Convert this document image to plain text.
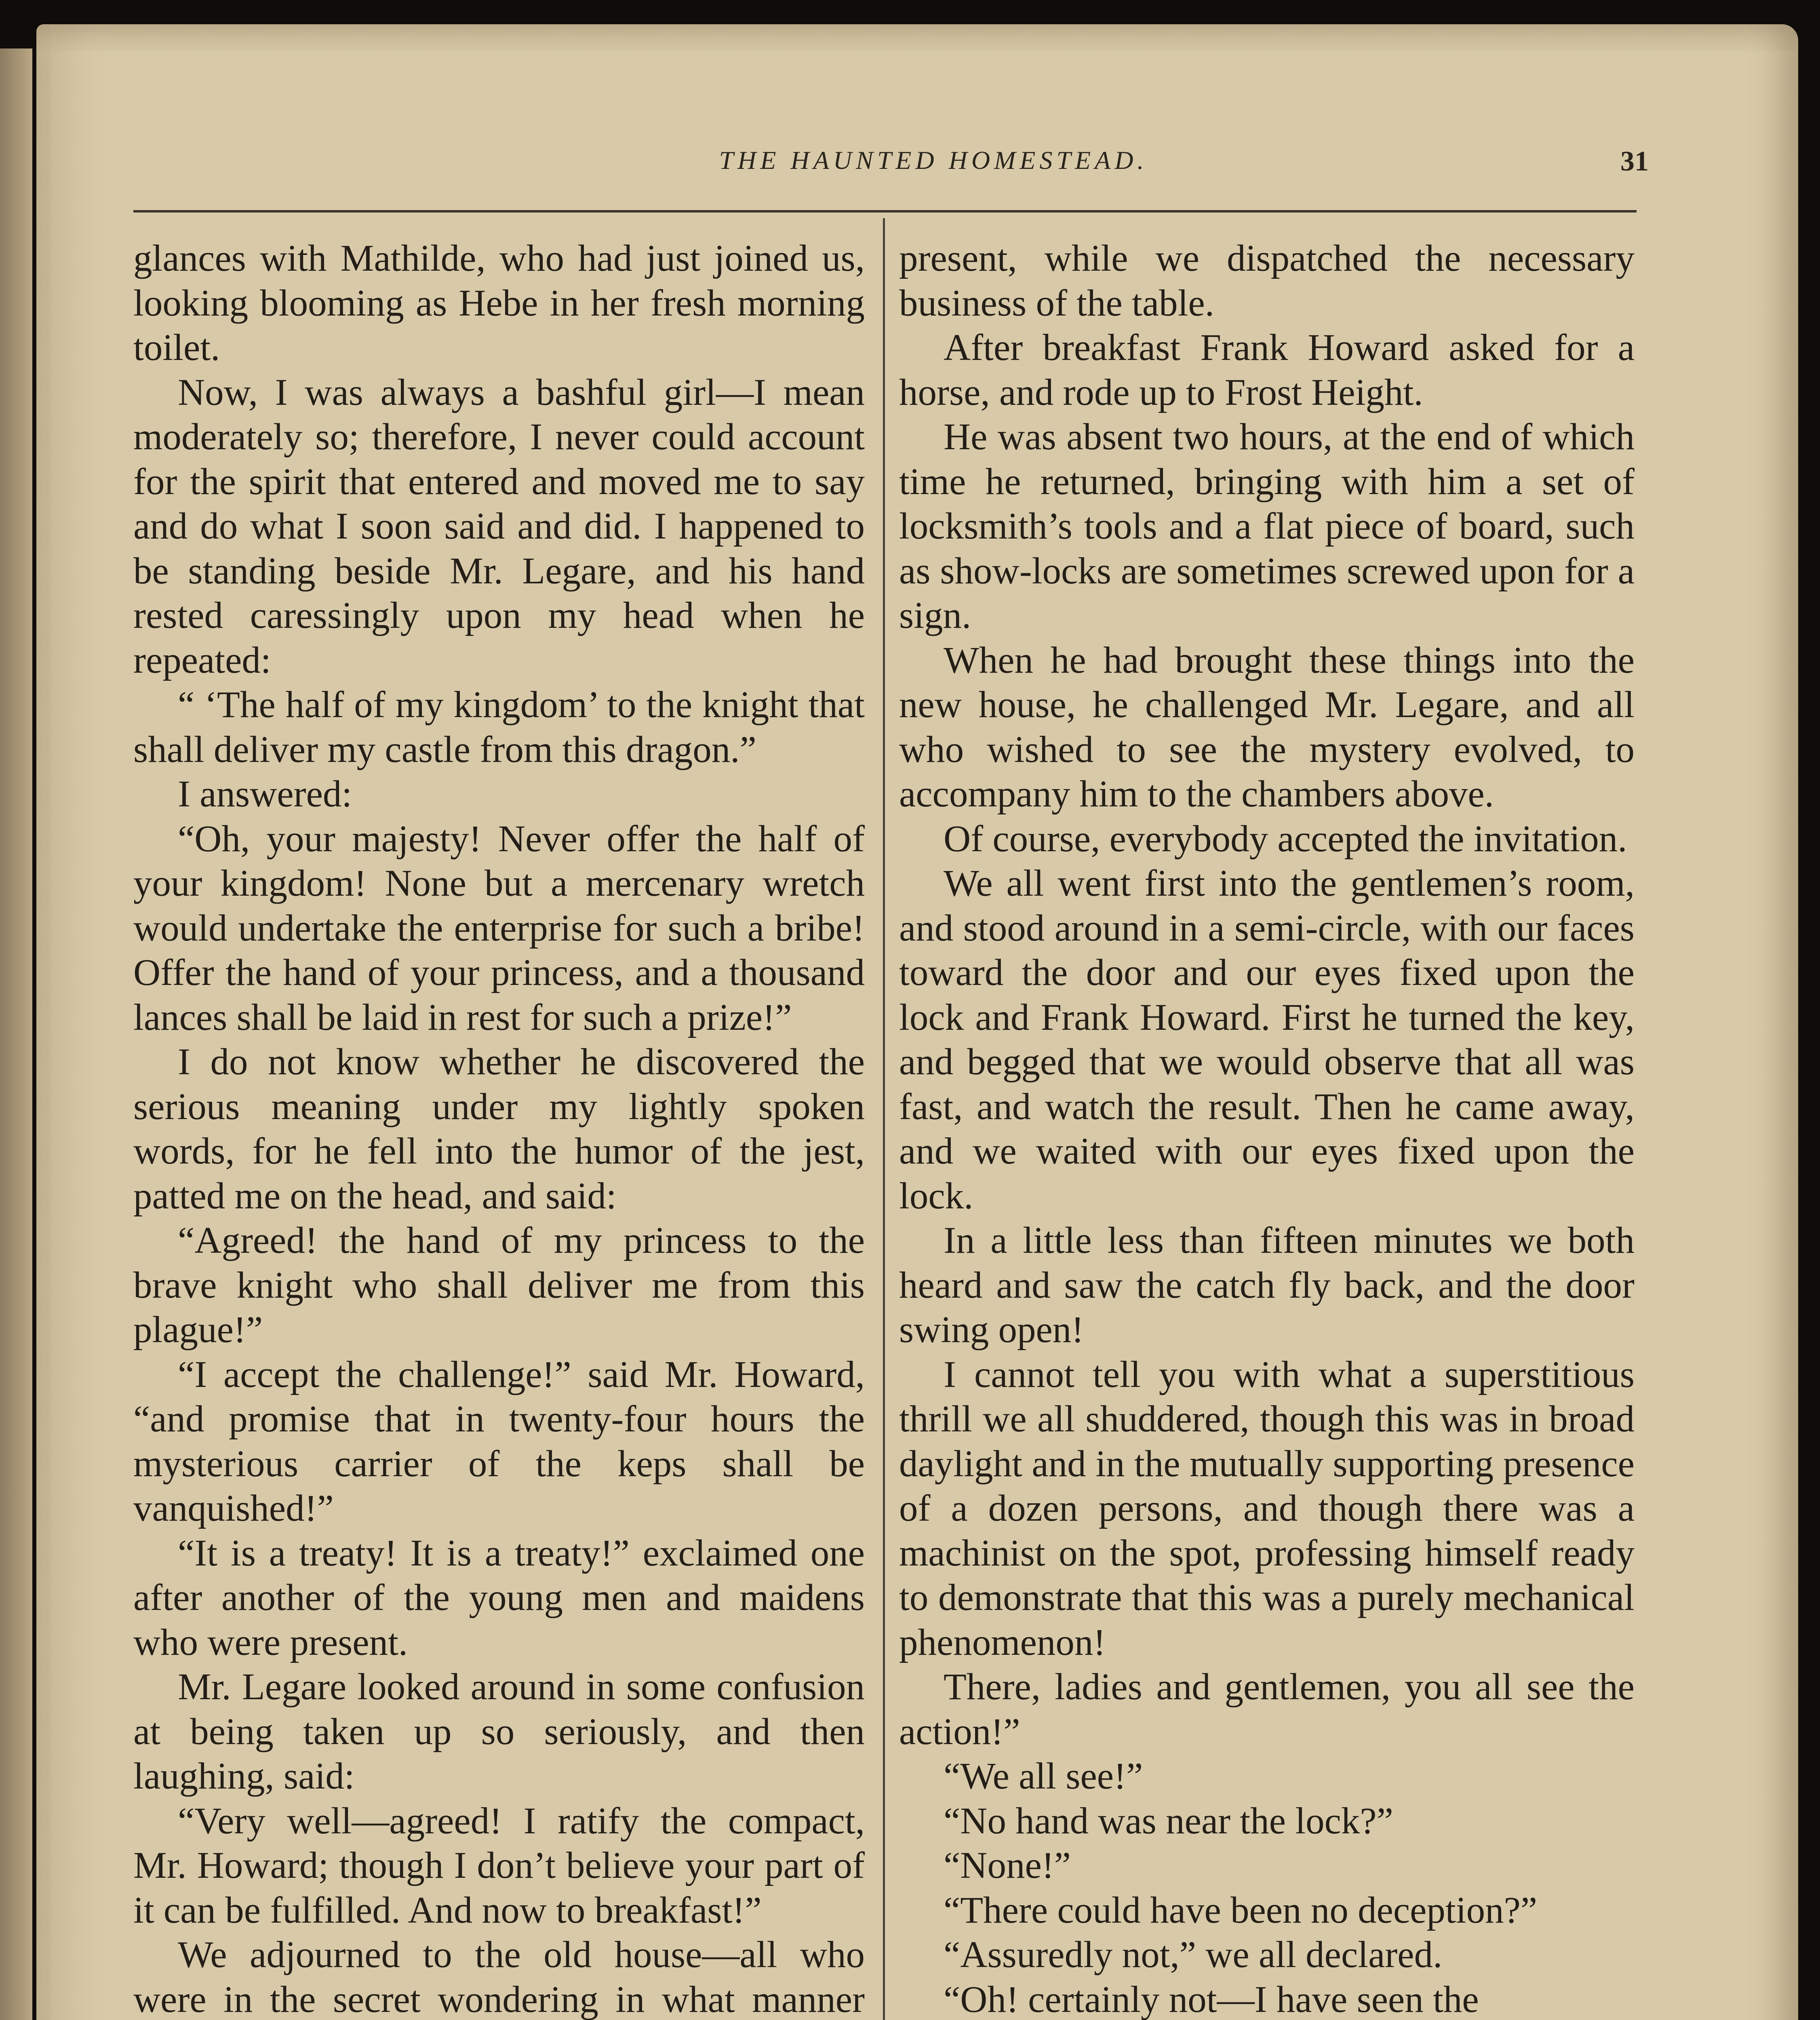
THE HAUNTED HOMESTEAD.	31

glances with Mathilde, who had just joined us, looking blooming as Hebe in her fresh morning toilet.

Now, I was always a bashful girl—I mean moderately so; therefore, I never could account for the spirit that entered and moved me to say and do what I soon said and did. I happened to be standing beside Mr. Legare, and his hand rested caressingly upon my head when he repeated:

“ ‘The half of my kingdom’ to the knight that shall deliver my castle from this dragon.”

I answered:

“Oh, your majesty! Never offer the half of your kingdom! None but a mercenary wretch would undertake the enterprise for such a bribe! Offer the hand of your princess, and a thousand lances shall be laid in rest for such a prize!”

I do not know whether he discovered the serious meaning under my lightly spoken words, for he fell into the humor of the jest, patted me on the head, and said:

“Agreed! the hand of my princess to the brave knight who shall deliver me from this plague!”

“I accept the challenge!” said Mr. Howard, “and promise that in twenty-four hours the mysterious carrier of the keps shall be vanquished!”

“It is a treaty! It is a treaty!” exclaimed one after another of the young men and maidens who were present.

Mr. Legare looked around in some confusion at being taken up so seriously, and then laughing, said:

“Very well—agreed! I ratify the compact, Mr. Howard; though I don’t believe your part of it can be fulfilled. And now to breakfast!”

We adjourned to the old house—all who were in the secret wondering in what manner

present, while we dispatched the necessary business of the table.

After breakfast Frank Howard asked for a horse, and rode up to Frost Height.

He was absent two hours, at the end of which time he returned, bringing with him a set of locksmith’s tools and a flat piece of board, such as show-locks are sometimes screwed upon for a sign.

When he had brought these things into the new house, he challenged Mr. Legare, and all who wished to see the mystery evolved, to accompany him to the chambers above.

Of course, everybody accepted the invitation.

We all went first into the gentlemen’s room, and stood around in a semi-circle, with our faces toward the door and our eyes fixed upon the lock and Frank Howard. First he turned the key, and begged that we would observe that all was fast, and watch the result. Then he came away, and we waited with our eyes fixed upon the lock.

In a little less than fifteen minutes we both heard and saw the catch fly back, and the door swing open!

I cannot tell you with what a superstitious thrill we all shuddered, though this was in broad daylight and in the mutually supporting presence of a dozen persons, and though there was a machinist on the spot, professing himself ready to demonstrate that this was a purely mechanical phenomenon!

There, ladies and gentlemen, you all see the action!”

“We all see!”

“No hand was near the lock?”

“None!”

“There could have been no deception?”

“Assuredly not,” we all declared.

“Oh! certainly not—I have seen the
